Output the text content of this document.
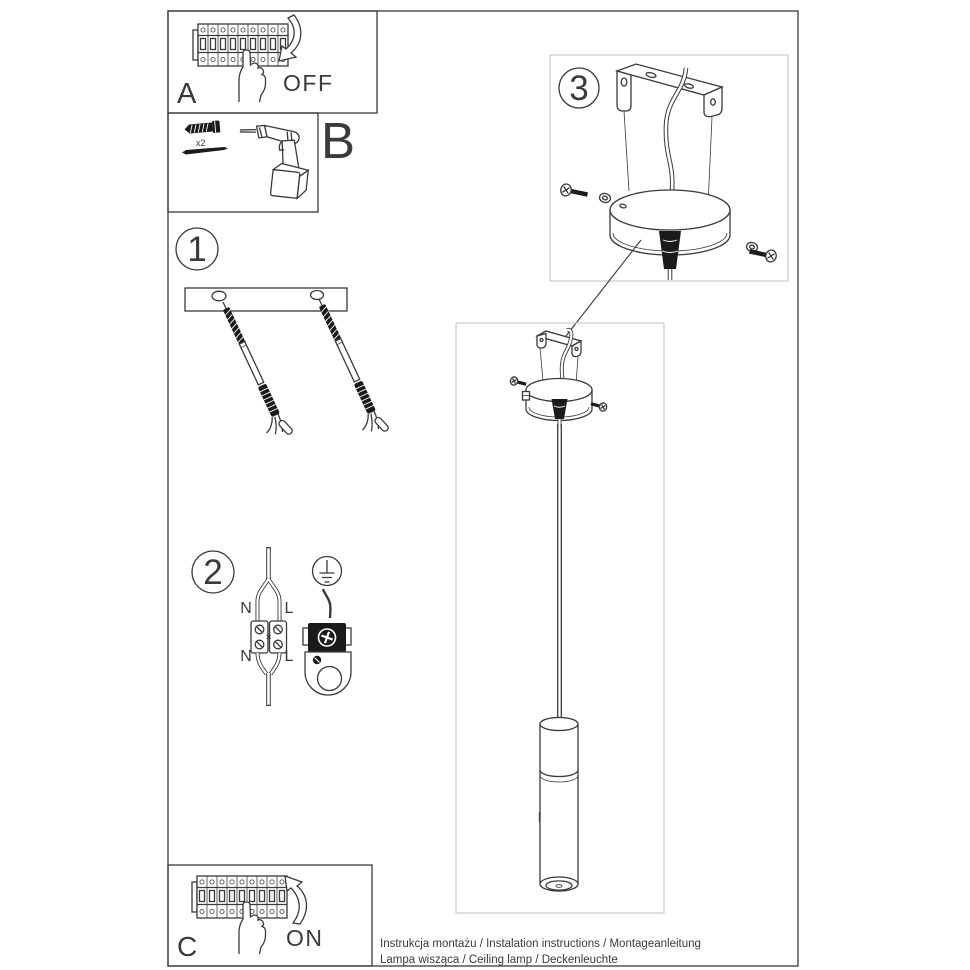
A	OFF
x2 B
1
3
2
N L
N L
C	ON	Instrukcja montażu / Instalation instructions / Montageanleitung
Lampa wisząca / Ceiling lamp / Deckenleuchte
